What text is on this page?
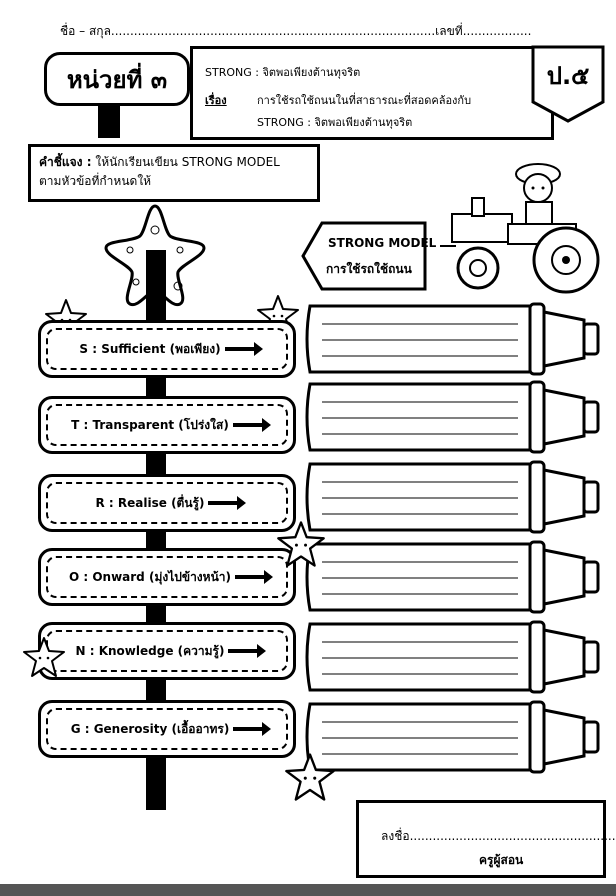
ชื่อ – สกุล.....................................................................................เลขที่..................
หน่วยที่ ๓	STRONG : จิตพอเพียงต้านทุจริต
เรื่อง	การใช้รถใช้ถนนในที่สาธารณะที่สอดคล้องกับ
STRONG : จิตพอเพียงต้านทุจริต
ป.๕
คำชี้แจง : ให้นักเรียนเขียน STRONG MODEL
ตามหัวข้อที่กำหนดให้
STRONG MODEL
การใช้รถใช้ถนน
S : Sufficient (พอเพียง)
T : Transparent (โปร่งใส)
R : Realise (ตื่นรู้)
O : Onward (มุ่งไปข้างหน้า)
N : Knowledge (ความรู้)
G : Generosity (เอื้ออาทร)
ลงชื่อ......................................................
ครูผู้สอน
